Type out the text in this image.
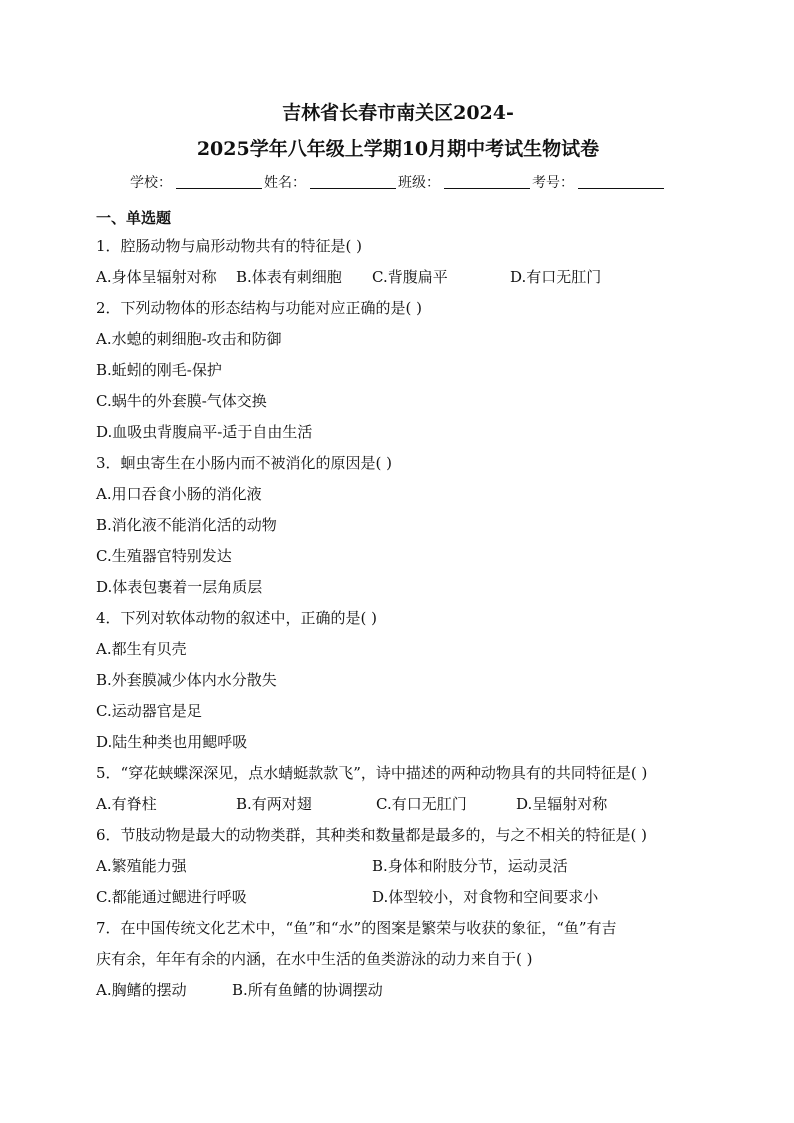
吉林省长春市南关区2024-
2025学年八年级上学期10月期中考试生物试卷
学校：	姓名：	班级：	考号：
一、单选题
1．腔肠动物与扁形动物共有的特征是( )
A.身体呈辐射对称	B.体表有刺细胞	C.背腹扁平	D.有口无肛门
2．下列动物体的形态结构与功能对应正确的是( )
A.水螅的刺细胞-攻击和防御
B.蚯蚓的刚毛-保护
C.蜗牛的外套膜-气体交换
D.血吸虫背腹扁平-适于自由生活
3．蛔虫寄生在小肠内而不被消化的原因是( )
A.用口吞食小肠的消化液
B.消化液不能消化活的动物
C.生殖器官特别发达
D.体表包裹着一层角质层
4．下列对软体动物的叙述中，正确的是( )
A.都生有贝壳
B.外套膜减少体内水分散失
C.运动器官是足
D.陆生种类也用鳃呼吸
5．“穿花蛱蝶深深见，点水蜻蜓款款飞”，诗中描述的两种动物具有的共同特征是( )
A.有脊柱	B.有两对翅	C.有口无肛门	D.呈辐射对称
6．节肢动物是最大的动物类群，其种类和数量都是最多的，与之不相关的特征是( )
A.繁殖能力强	B.身体和附肢分节，运动灵活
C.都能通过鳃进行呼吸	D.体型较小，对食物和空间要求小
7．在中国传统文化艺术中，“鱼”和“水”的图案是繁荣与收获的象征，“鱼”有吉
庆有余，年年有余的内涵，在水中生活的鱼类游泳的动力来自于( )
A.胸鳍的摆动	B.所有鱼鳍的协调摆动
